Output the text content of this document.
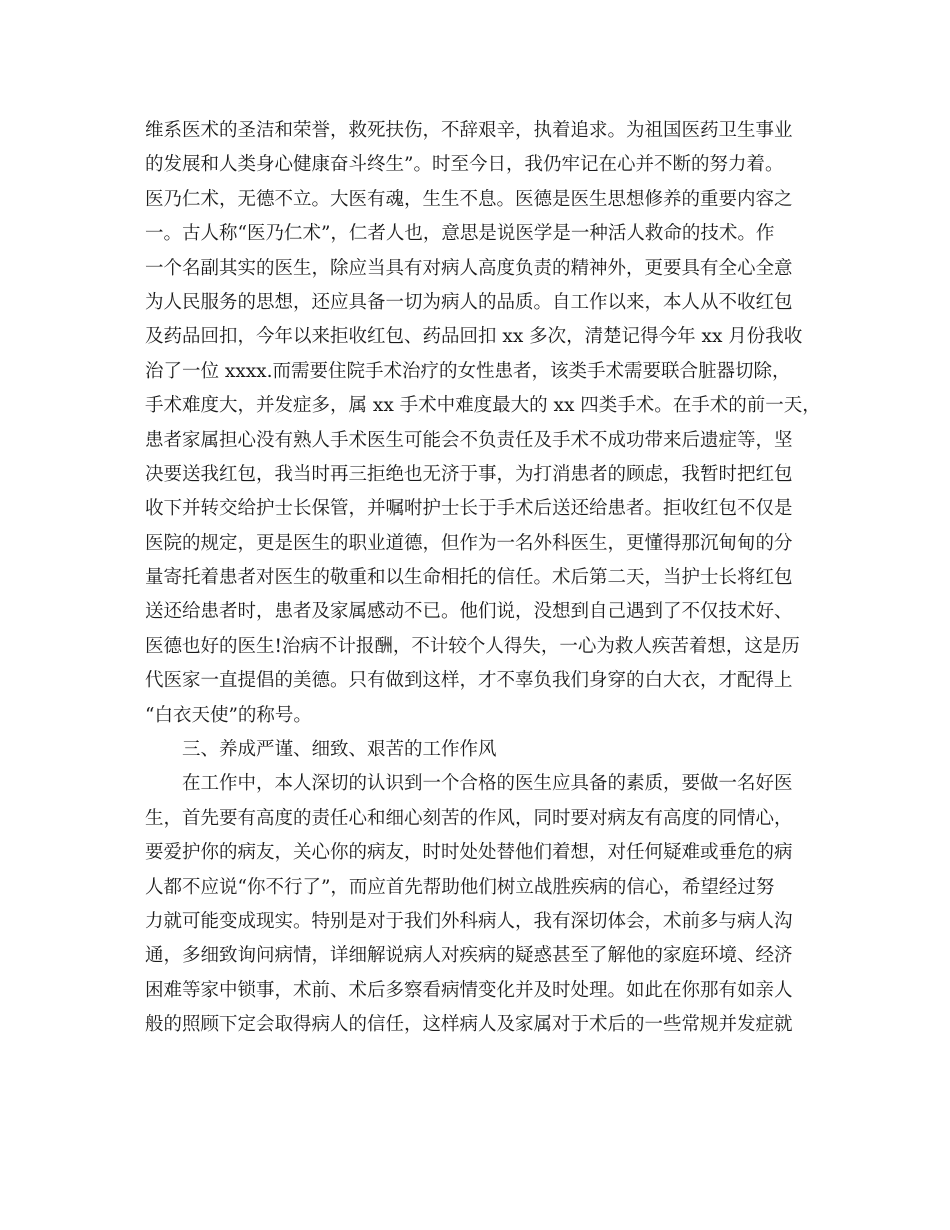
维系医术的圣洁和荣誉，救死扶伤，不辞艰辛，执着追求。为祖国医药卫生事业
的发展和人类身心健康奋斗终生”。时至今日，我仍牢记在心并不断的努力着。
医乃仁术，无德不立。大医有魂，生生不息。医德是医生思想修养的重要内容之
一。古人称“医乃仁术”，仁者人也，意思是说医学是一种活人救命的技术。作
一个名副其实的医生，除应当具有对病人高度负责的精神外，更要具有全心全意
为人民服务的思想，还应具备一切为病人的品质。自工作以来，本人从不收红包
及药品回扣，今年以来拒收红包、药品回扣 xx 多次，清楚记得今年 xx 月份我收
治了一位 xxxx.而需要住院手术治疗的女性患者，该类手术需要联合脏器切除，
手术难度大，并发症多，属 xx 手术中难度最大的 xx 四类手术。在手术的前一天，
患者家属担心没有熟人手术医生可能会不负责任及手术不成功带来后遗症等，坚
决要送我红包，我当时再三拒绝也无济于事，为打消患者的顾虑，我暂时把红包
收下并转交给护士长保管，并嘱咐护士长于手术后送还给患者。拒收红包不仅是
医院的规定，更是医生的职业道德，但作为一名外科医生，更懂得那沉甸甸的分
量寄托着患者对医生的敬重和以生命相托的信任。术后第二天，当护士长将红包
送还给患者时，患者及家属感动不已。他们说，没想到自己遇到了不仅技术好、
医德也好的医生!治病不计报酬，不计较个人得失，一心为救人疾苦着想，这是历
代医家一直提倡的美德。只有做到这样，才不辜负我们身穿的白大衣，才配得上
“白衣天使”的称号。
　　三、养成严谨、细致、艰苦的工作作风
　　在工作中，本人深切的认识到一个合格的医生应具备的素质，要做一名好医
生，首先要有高度的责任心和细心刻苦的作风，同时要对病友有高度的同情心，
要爱护你的病友，关心你的病友，时时处处替他们着想，对任何疑难或垂危的病
人都不应说“你不行了”，而应首先帮助他们树立战胜疾病的信心，希望经过努
力就可能变成现实。特别是对于我们外科病人，我有深切体会，术前多与病人沟
通，多细致询问病情，详细解说病人对疾病的疑惑甚至了解他的家庭环境、经济
困难等家中锁事，术前、术后多察看病情变化并及时处理。如此在你那有如亲人
般的照顾下定会取得病人的信任，这样病人及家属对于术后的一些常规并发症就
